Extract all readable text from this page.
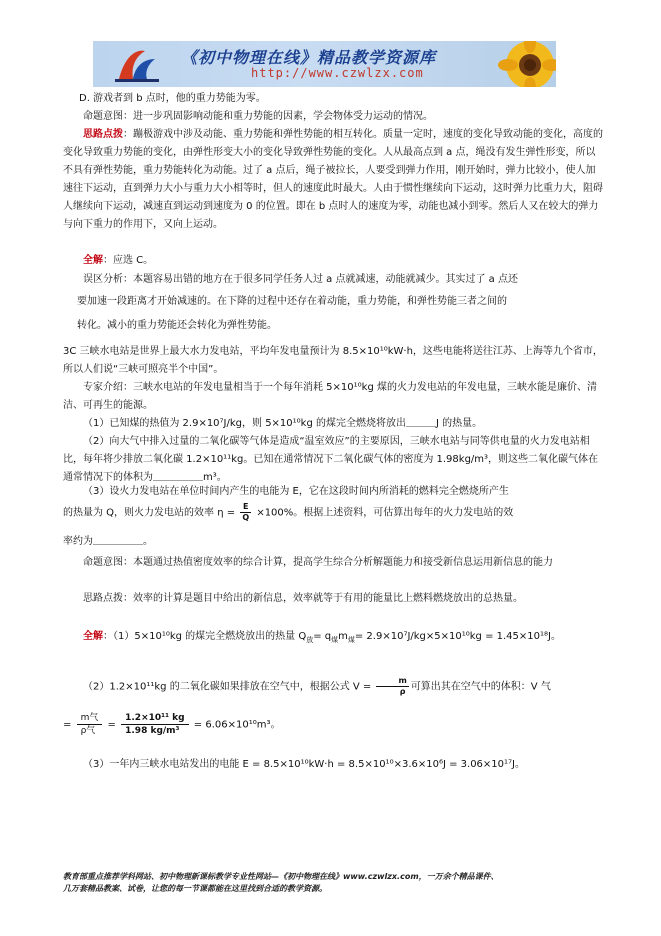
《初中物理在线》精品教学资源库
http://www.czwlzx.com

D. 游戏者到 b 点时，他的重力势能为零。

命题意图：进一步巩固影响动能和重力势能的因素，学会物体受力运动的情况。

思路点拨：蹦极游戏中涉及动能、重力势能和弹性势能的相互转化。质量一定时，速度的变化导致动能的变化，高度的变化导致重力势能的变化，由弹性形变大小的变化导致弹性势能的变化。人从最高点到 a 点，绳没有发生弹性形变，所以不具有弹性势能，重力势能转化为动能。过了 a 点后，绳子被拉长，人要受到弹力作用，刚开始时，弹力比较小，使人加速往下运动，直到弹力大小与重力大小相等时，但人的速度此时最大。人由于惯性继续向下运动，这时弹力比重力大，阻碍人继续向下运动，减速直到运动到速度为 0 的位置。即在 b 点时人的速度为零，动能也减小到零。然后人又在较大的弹力与向下重力的作用下，又向上运动。

全解：应选 C。

误区分析：本题容易出错的地方在于很多同学任务人过 a 点就减速，动能就减少。其实过了 a 点还

要加速一段距离才开始减速的。在下降的过程中还存在着动能，重力势能，和弹性势能三者之间的

转化。减小的重力势能还会转化为弹性势能。

3C 三峡水电站是世界上最大水力发电站，平均年发电量预计为 8.5×10¹⁰kW·h，这些电能将送往江苏、上海等九个省市，所以人们说“三峡可照亮半个中国”。

专家介绍：三峡水电站的年发电量相当于一个每年消耗 5×10¹⁰kg 煤的火力发电站的年发电量，三峡水能是廉价、清洁、可再生的能源。

（1）已知煤的热值为 2.9×10⁷J/kg，则 5×10¹⁰kg 的煤完全燃烧将放出＿＿＿J 的热量。

（2）向大气中排入过量的二氧化碳等气体是造成“温室效应”的主要原因，三峡水电站与同等供电量的火力发电站相比，每年将少排放二氧化碳 1.2×10¹¹kg。已知在通常情况下二氧化碳气体的密度为 1.98kg/m³，则这些二氧化碳气体在通常情况下的体积为＿＿＿＿＿m³。

（3）设火力发电站在单位时间内产生的电能为 E，它在这段时间内所消耗的燃料完全燃烧所产生

的热量为 Q，则火力发电站的效率 $\eta = \frac{E}{Q} \times 100\%$。根据上述资料，可估算出每年的火力发电站的效

率约为＿＿＿＿＿。

命题意图：本题通过热值密度效率的综合计算，提高学生综合分析解题能力和接受新信息运用新信息的能力

思路点拨：效率的计算是题目中给出的新信息，效率就等于有用的能量比上燃料燃烧放出的总热量。

全解：（1）5×10¹⁰kg 的煤完全燃烧放出的热量 $Q_放= q_煤m_煤= 2.9\times 10^7J/kg\times 5\times 10^{10}kg = 1.45\times 10^{18}J$。

（2）1.2×10¹¹kg 的二氧化碳如果排放在空气中，根据公式 $V = \frac{m}{\rho}$ 可算出其在空气中的体积：V 气

= $\frac{\text{m气}}{\text{ρ气}} = \frac{\text{1.2×10¹¹ kg}}{\text{1.98 kg/m³}} = 6.06\times 10^{10}m^3$。

（3）一年内三峡水电站发出的电能 E = 8.5×10¹⁰kW·h = 8.5×10¹⁰×3.6×10⁶J = 3.06×10¹⁷J。

教育部重点推荐学科网站、初中物理新课标教学专业性网站—《初中物理在线》www.czwlzx.com，一万余个精品课件、
几万套精品教案、试卷，让您的每一节课都能在这里找到合适的教学资源。
